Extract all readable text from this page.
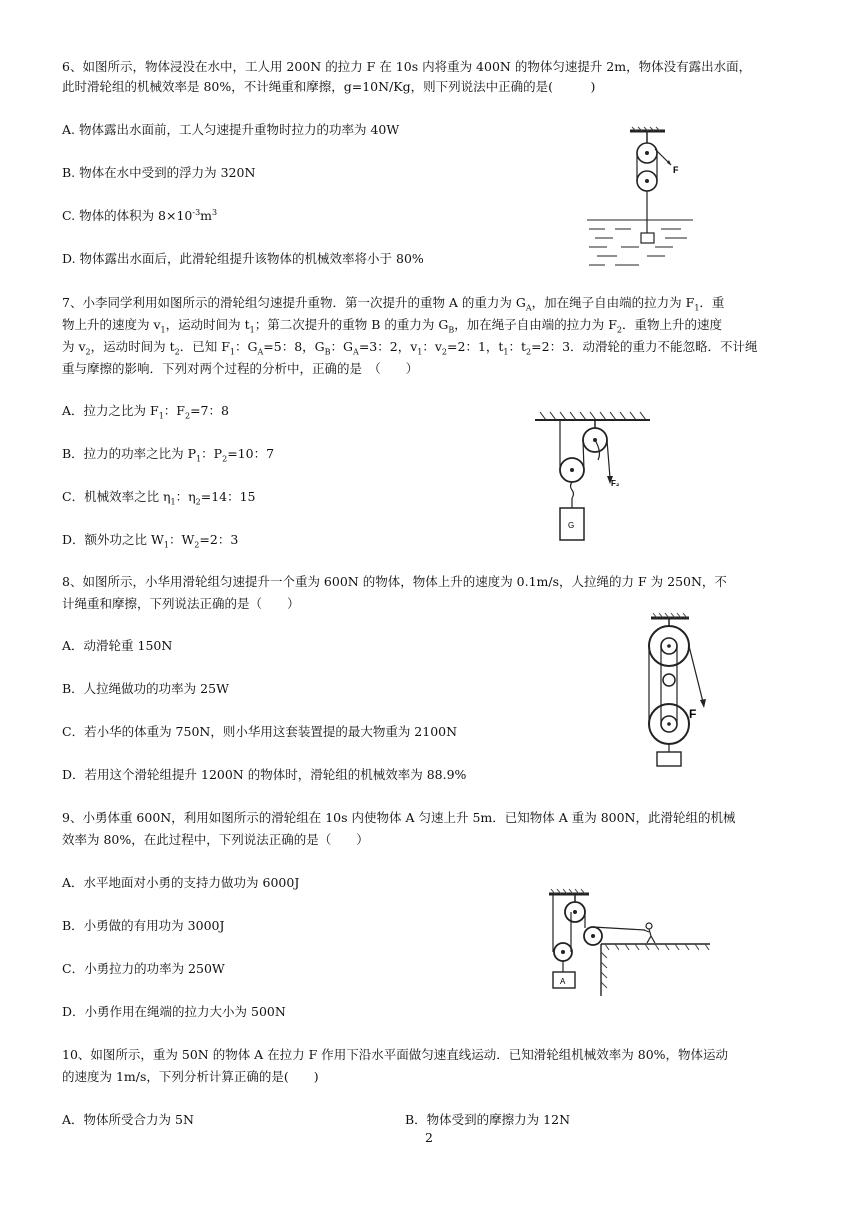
6、如图所示，物体浸没在水中，工人用 200N 的拉力 F 在 10s 内将重为 400N 的物体匀速提升 2m，物体没有露出水面，
此时滑轮组的机械效率是 80%，不计绳重和摩擦，g=10N/Kg，则下列说法中正确的是(　　　)
A. 物体露出水面前，工人匀速提升重物时拉力的功率为 40W
B. 物体在水中受到的浮力为 320N
C. 物体的体积为 $8\times 10^{-3}m^3$
D. 物体露出水面后，此滑轮组提升该物体的机械效率将小于 80%
F
7、小李同学利用如图所示的滑轮组匀速提升重物．第一次提升的重物 A 的重力为 $G_A$，加在绳子自由端的拉力为 $F_1$．重
物上升的速度为 $v_1$，运动时间为 $t_1$；第二次提升的重物 B 的重力为 $G_B$，加在绳子自由端的拉力为 $F_2$．重物上升的速度
为 $v_2$，运动时间为 $t_2$．已知 $F_1$：$G_A=5$：8，$G_B$：$G_A=3$：2，$v_1$：$v_2=2$：1，$t_1$：$t_2=2$：3．动滑轮的重力不能忽略．不计绳
重与摩擦的影响．下列对两个过程的分析中，正确的是　（　　）
A．拉力之比为 $F_1$：$F_2=7$：8
B．拉力的功率之比为 $P_1$：$P_2=10$：7
C．机械效率之比 $\eta_1$：$\eta_2=14$：15
D．额外功之比 $W_1$：$W_2=2$：3
F₂
G
8、如图所示，小华用滑轮组匀速提升一个重为 600N 的物体，物体上升的速度为 0.1m/s，人拉绳的力 F 为 250N，不
计绳重和摩擦，下列说法正确的是（　　）
A．动滑轮重 150N
B．人拉绳做功的功率为 25W
C．若小华的体重为 750N，则小华用这套装置提的最大物重为 2100N
D．若用这个滑轮组提升 1200N 的物体时，滑轮组的机械效率为 88.9%
F
9、小勇体重 600N，利用如图所示的滑轮组在 10s 内使物体 A 匀速上升 5m．已知物体 A 重为 800N，此滑轮组的机械
效率为 80%，在此过程中，下列说法正确的是（　　）
A．水平地面对小勇的支持力做功为 6000J
B．小勇做的有用功为 3000J
C．小勇拉力的功率为 250W
D．小勇作用在绳端的拉力大小为 500N
A
10、如图所示，重为 50N 的物体 A 在拉力 F 作用下沿水平面做匀速直线运动．已知滑轮组机械效率为 80%，物体运动
的速度为 1m/s，下列分析计算正确的是(　　)
A．物体所受合力为 5N	B．物体受到的摩擦力为 12N
2
